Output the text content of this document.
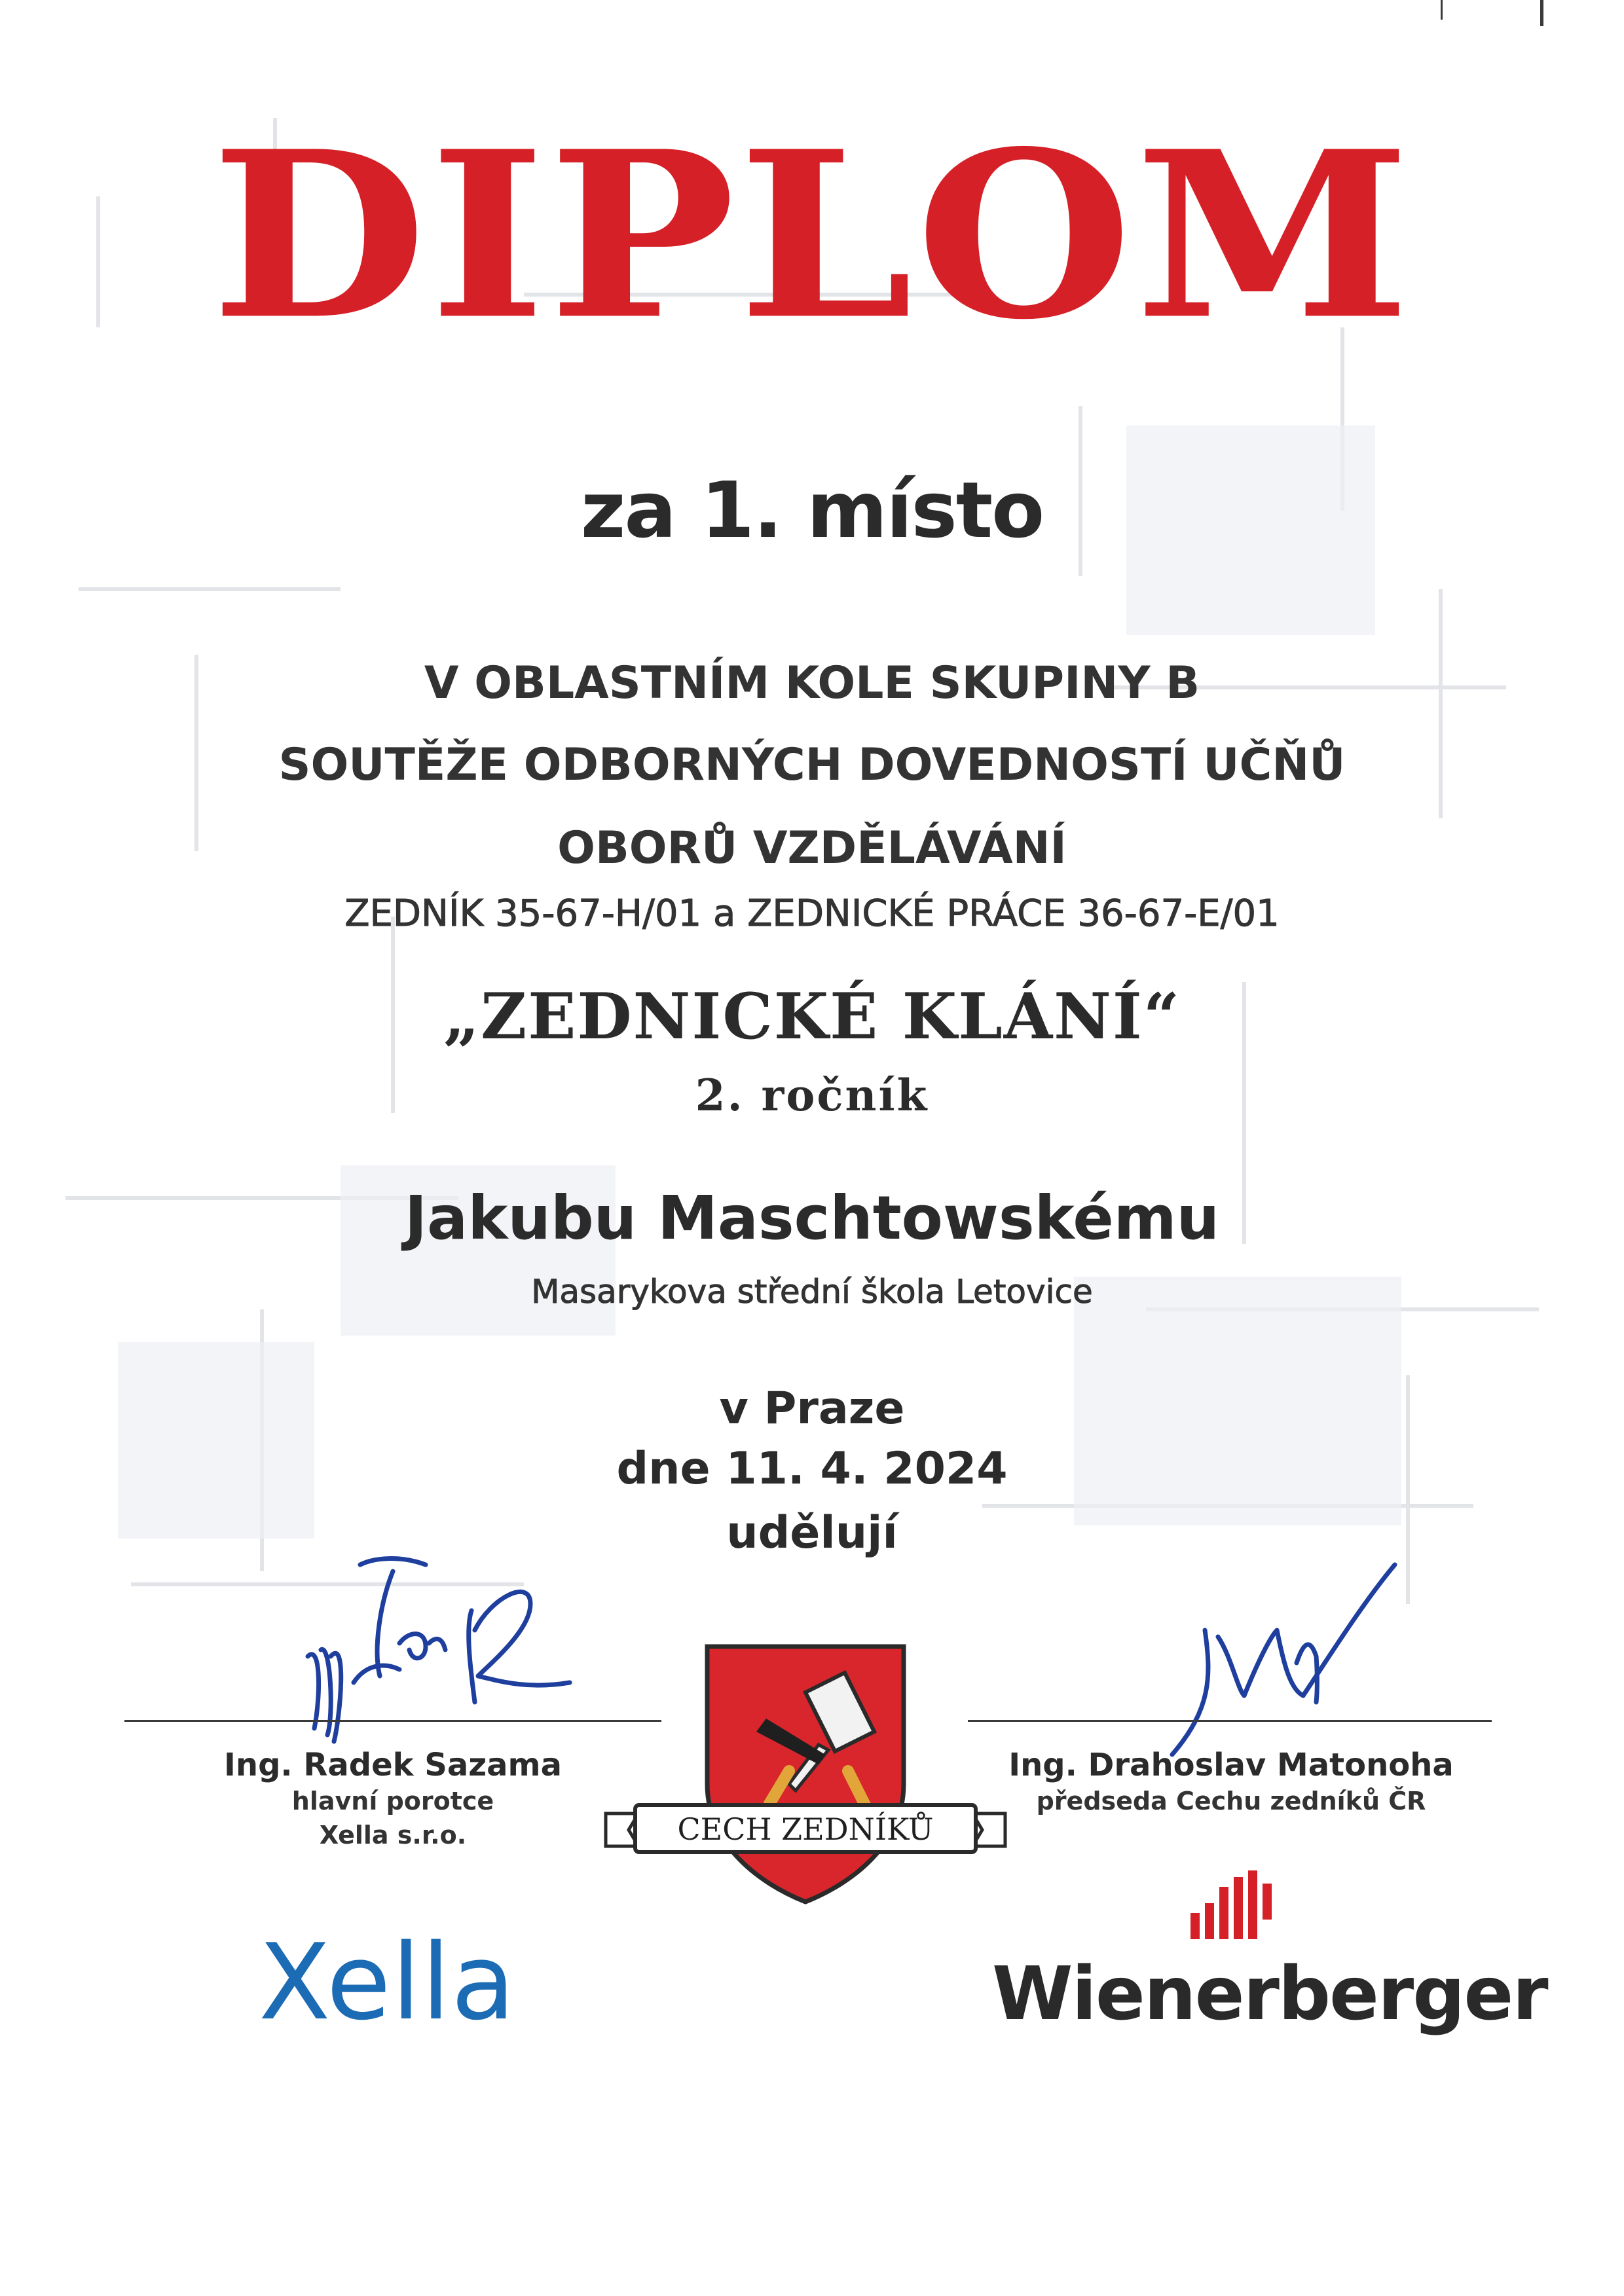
DIPLOM
za 1. místo
V OBLASTNÍM KOLE SKUPINY B
SOUTĚŽE ODBORNÝCH DOVEDNOSTÍ UČŇŮ
OBORŮ VZDĚLÁVÁNÍ
ZEDNÍK 35-67-H/01 a ZEDNICKÉ PRÁCE 36-67-E/01
„ZEDNICKÉ KLÁNÍ“
2. ročník
Jakubu Maschtowskému
Masarykova střední škola Letovice
v Praze
dne 11. 4. 2024
udělují
Ing. Radek Sazama
hlavní porotce
Xella s.r.o.
Ing. Drahoslav Matonoha
předseda Cechu zedníků ČR
CECH ZEDNÍKŮ
Xella	Wienerberger
